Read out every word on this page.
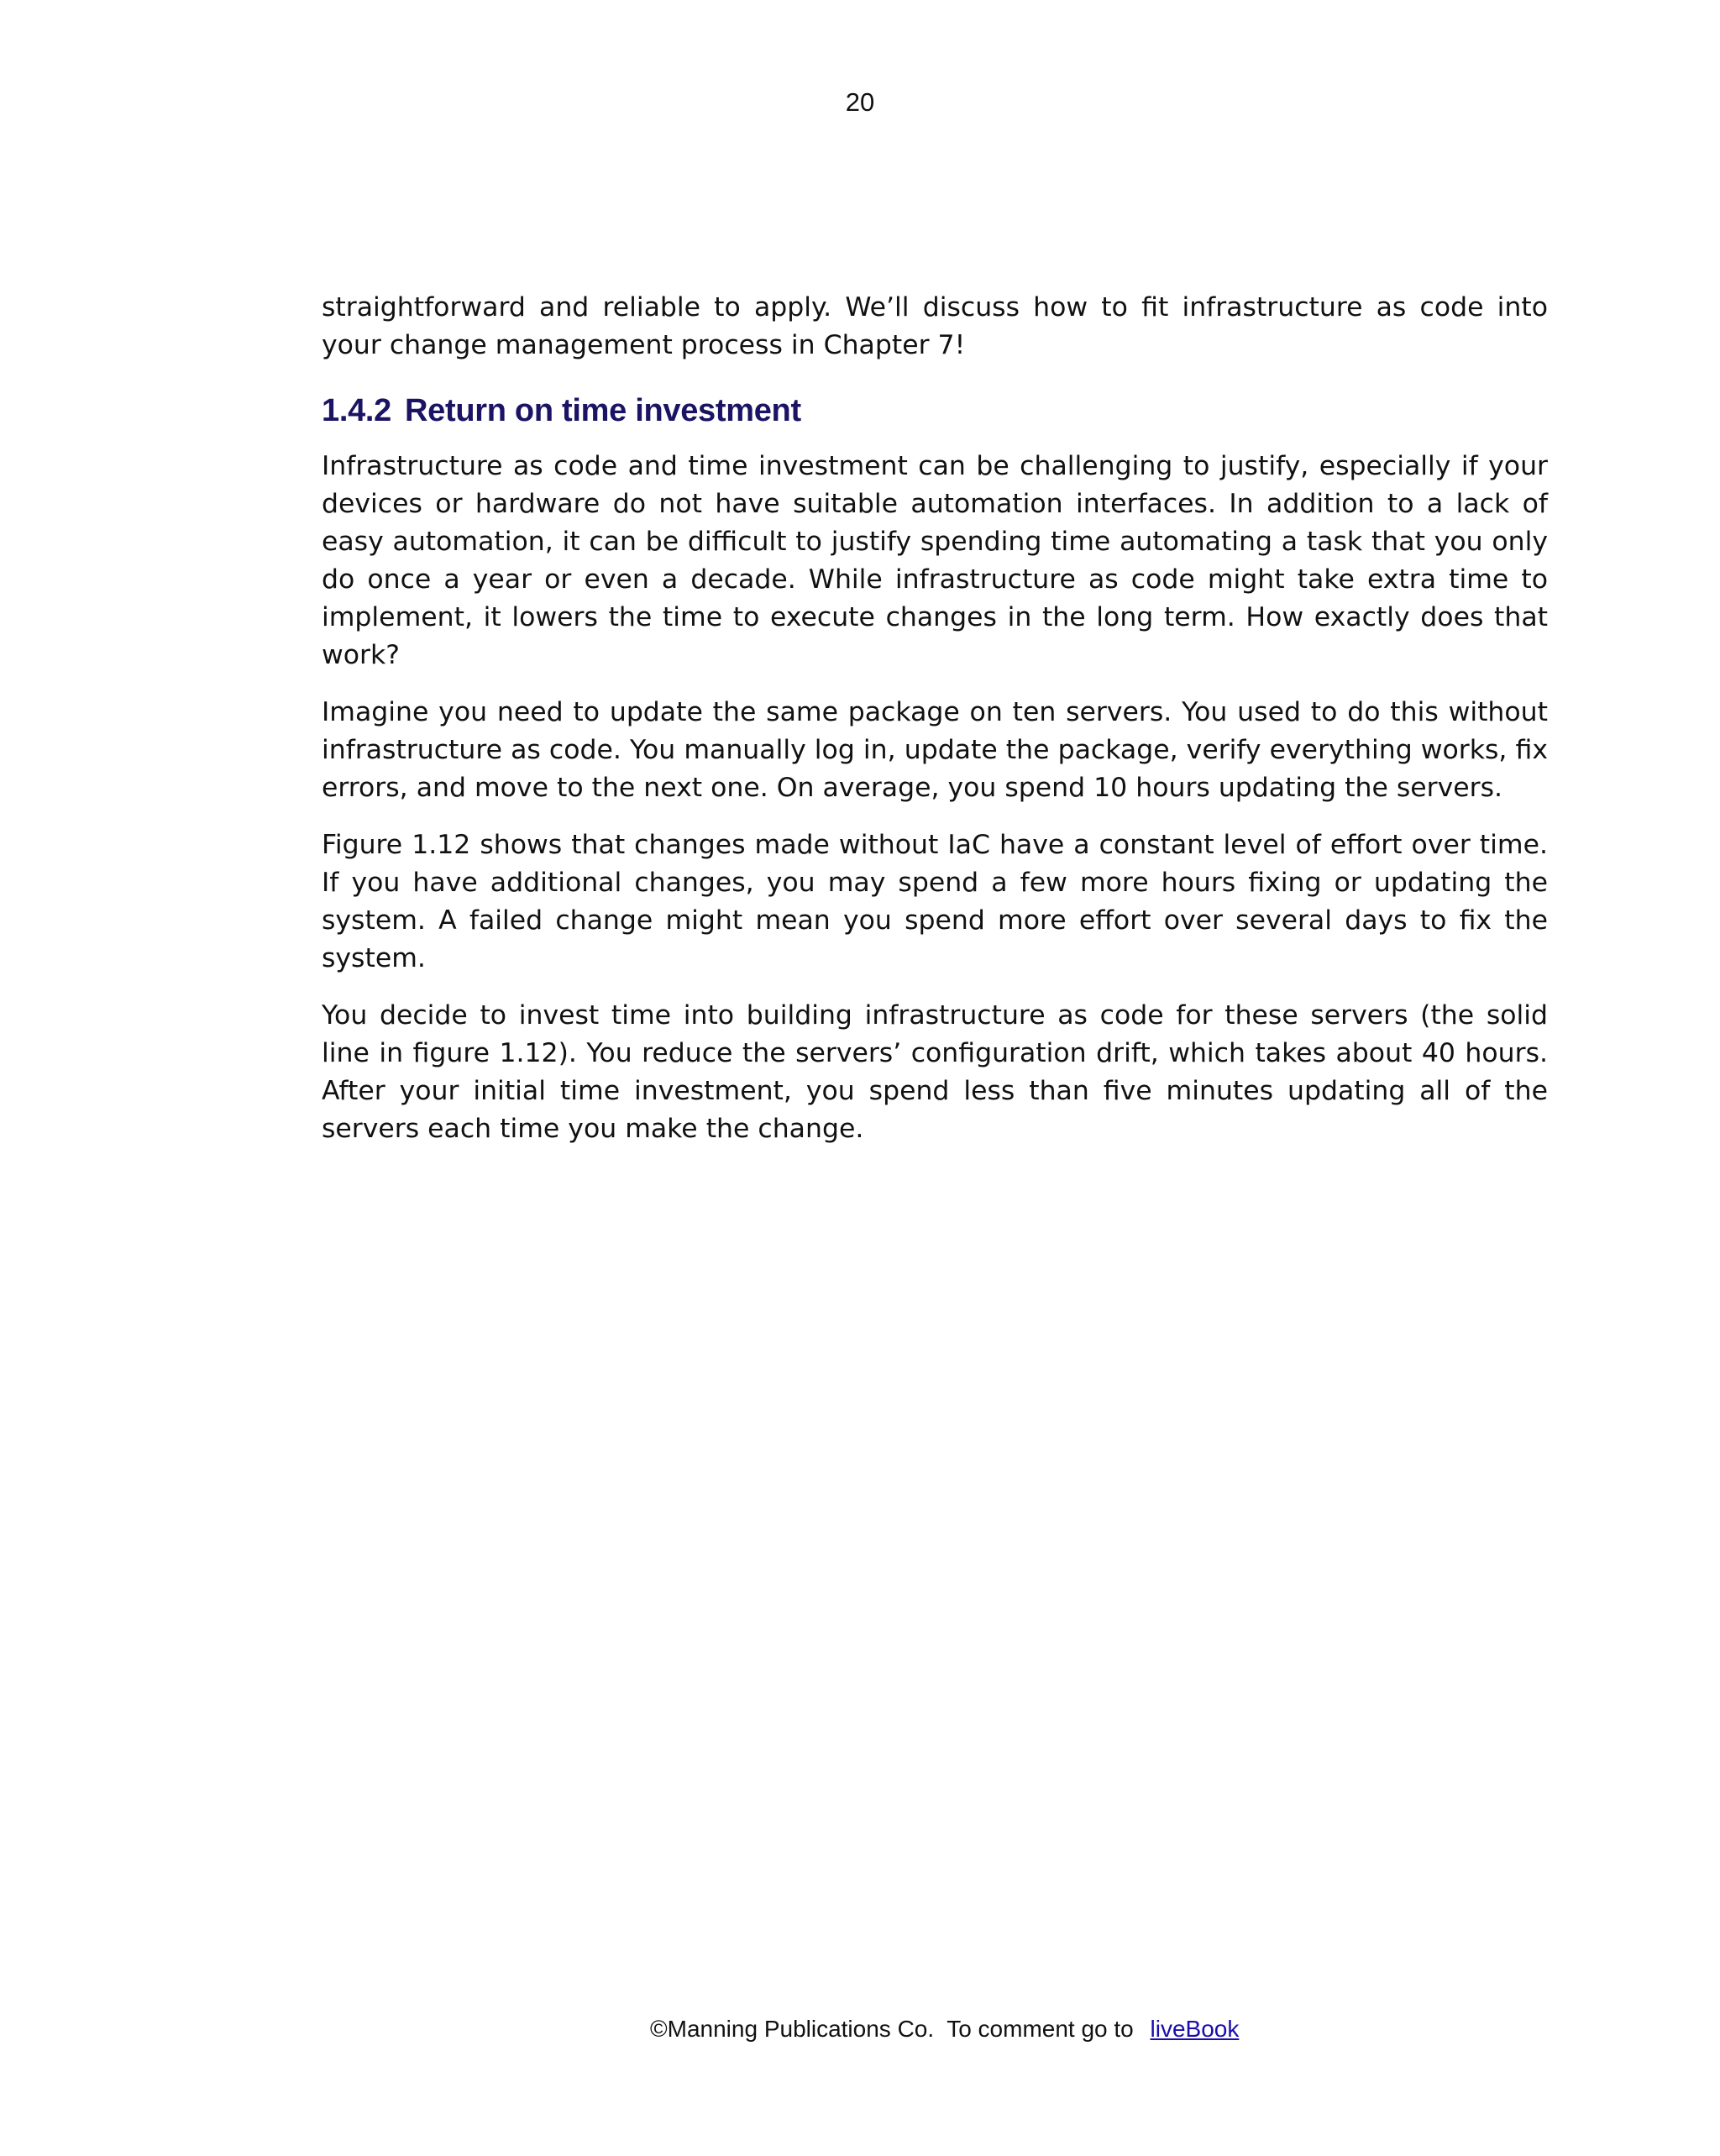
20

straightforward and reliable to apply. We’ll discuss how to fit infrastructure as code into your change management process in Chapter 7!

1.4.2 Return on time investment

Infrastructure as code and time investment can be challenging to justify, especially if your devices or hardware do not have suitable automation interfaces. In addition to a lack of easy automation, it can be difficult to justify spending time automating a task that you only do once a year or even a decade. While infrastructure as code might take extra time to implement, it lowers the time to execute changes in the long term. How exactly does that work?

Imagine you need to update the same package on ten servers. You used to do this without infrastructure as code. You manually log in, update the package, verify everything works, fix errors, and move to the next one. On average, you spend 10 hours updating the servers.

Figure 1.12 shows that changes made without IaC have a constant level of effort over time. If you have additional changes, you may spend a few more hours fixing or updating the system. A failed change might mean you spend more effort over several days to fix the system.

You decide to invest time into building infrastructure as code for these servers (the solid line in figure 1.12). You reduce the servers’ configuration drift, which takes about 40 hours. After your initial time investment, you spend less than five minutes updating all of the servers each time you make the change.

©Manning Publications Co.  To comment go to liveBook
